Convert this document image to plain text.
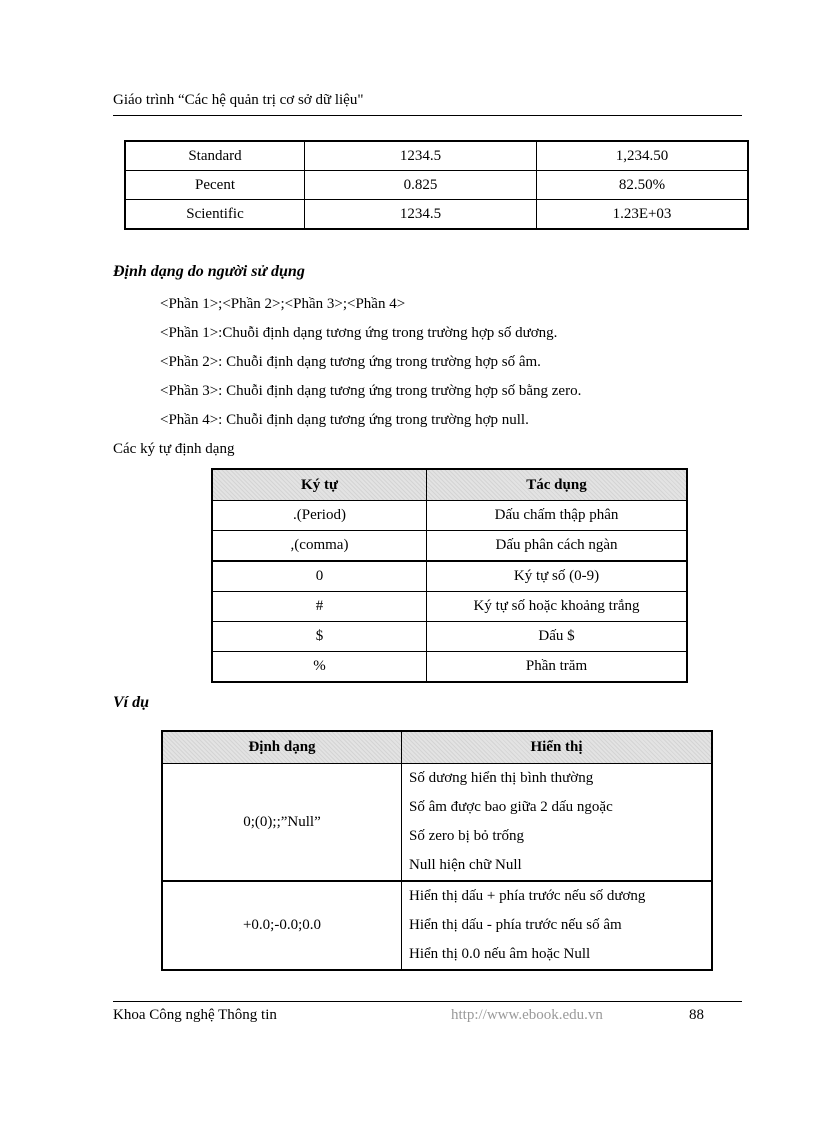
Giáo trình “Các hệ quản trị cơ sở dữ liệu"
Standard	1234.5	1,234.50
Pecent	0.825	82.50%
Scientific	1234.5	1.23E+03
Định dạng do người sử dụng
<Phần 1>;<Phần 2>;<Phần 3>;<Phần 4>
<Phần 1>:Chuỗi định dạng tương ứng trong trường hợp số dương.
<Phần 2>: Chuỗi định dạng tương ứng trong trường hợp số âm.
<Phần 3>: Chuỗi định dạng tương ứng trong trường hợp số bằng zero.
<Phần 4>: Chuỗi định dạng tương ứng trong trường hợp null.
Các ký tự định dạng
Ký tự	Tác dụng
.(Period)	Dấu chấm thập phân
,(comma)	Dấu phân cách ngàn
0	Ký tự số (0-9)
#	Ký tự số hoặc khoảng trắng
$	Dấu $
%	Phần trăm
Ví dụ
Định dạng	Hiển thị
0;(0);;”Null”	Số dương hiển thị bình thường
Số âm được bao giữa 2 dấu ngoặc
Số zero bị bỏ trống
Null hiện chữ Null

+0.0;-0.0;0.0	Hiển thị dấu + phía trước nếu số dương
Hiển thị dấu - phía trước nếu số âm
Hiển thị 0.0 nếu âm hoặc Null
Khoa Công nghệ Thông tin	http://www.ebook.edu.vn	88
